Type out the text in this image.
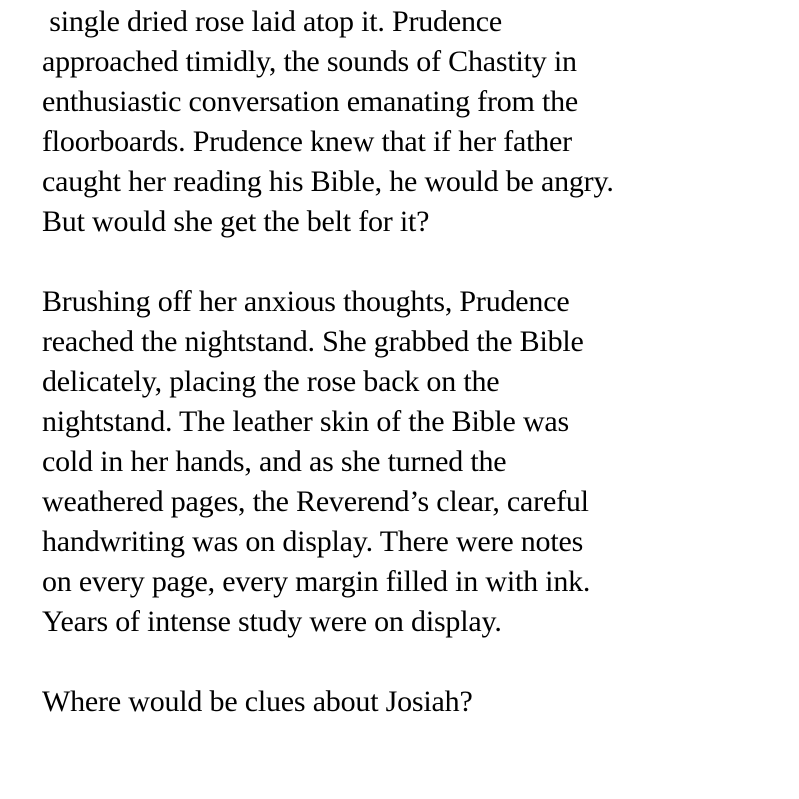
single dried rose laid atop it. Prudence
approached timidly, the sounds of Chastity in
enthusiastic conversation emanating from the
floorboards. Prudence knew that if her father
caught her reading his Bible, he would be angry.
But would she get the belt for it?
Brushing off her anxious thoughts, Prudence
reached the nightstand. She grabbed the Bible
delicately, placing the rose back on the
nightstand. The leather skin of the Bible was
cold in her hands, and as she turned the
weathered pages, the Reverend’s clear, careful
handwriting was on display. There were notes
on every page, every margin filled in with ink.
Years of intense study were on display.
Where would be clues about Josiah?
